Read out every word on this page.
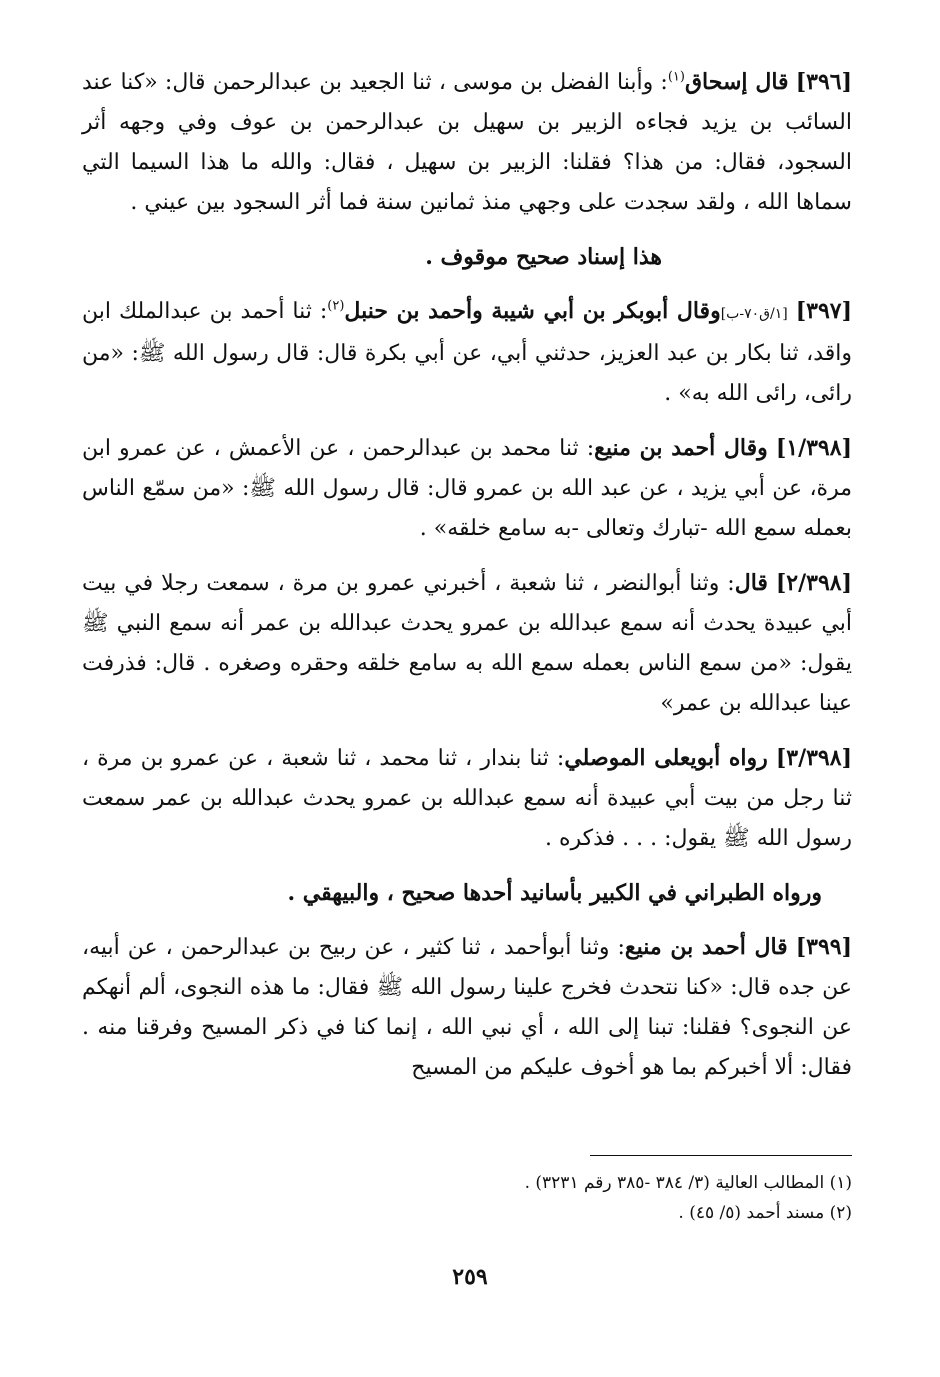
[٣٩٦] قال إسحاق$^{(١)}$: وأبنا الفضل بن موسى ، ثنا الجعيد بن عبدالرحمن قال: «كنا عند السائب بن يزيد فجاءه الزبير بن سهيل بن عبدالرحمن بن عوف وفي وجهه أثر السجود، فقال: من هذا؟ فقلنا: الزبير بن سهيل ، فقال: والله ما هذا السيما التي سماها الله ، ولقد سجدت على وجهي منذ ثمانين سنة فما أثر السجود بين عيني .

هذا إسناد صحيح موقوف .

[٣٩٧] [١/ق٧٠-ب]وقال أبوبكر بن أبي شيبة وأحمد بن حنبل$^{(٢)}$: ثنا أحمد بن عبدالملك ابن واقد، ثنا بكار بن عبد العزيز، حدثني أبي، عن أبي بكرة قال: قال رسول الله ﷺ: «من رائى، رائى الله به» .

[١/٣٩٨] وقال أحمد بن منيع: ثنا محمد بن عبدالرحمن ، عن الأعمش ، عن عمرو ابن مرة، عن أبي يزيد ، عن عبد الله بن عمرو قال: قال رسول الله ﷺ: «من سمّع الناس بعمله سمع الله -تبارك وتعالى -به سامع خلقه» .

[٢/٣٩٨] قال: وثنا أبوالنضر ، ثنا شعبة ، أخبرني عمرو بن مرة ، سمعت رجلا في بيت أبي عبيدة يحدث أنه سمع عبدالله بن عمرو يحدث عبدالله بن عمر أنه سمع النبي ﷺ يقول: «من سمع الناس بعمله سمع الله به سامع خلقه وحقره وصغره . قال: فذرفت عينا عبدالله بن عمر»

[٣/٣٩٨] رواه أبويعلى الموصلي: ثنا بندار ، ثنا محمد ، ثنا شعبة ، عن عمرو بن مرة ، ثنا رجل من بيت أبي عبيدة أنه سمع عبدالله بن عمرو يحدث عبدالله بن عمر سمعت رسول الله ﷺ يقول: . . . فذكره .

ورواه الطبراني في الكبير بأسانيد أحدها صحيح ، والبيهقي .

[٣٩٩] قال أحمد بن منيع: وثنا أبوأحمد ، ثنا كثير ، عن ربيح بن عبدالرحمن ، عن أبيه، عن جده قال: «كنا نتحدث فخرج علينا رسول الله ﷺ فقال: ما هذه النجوى، ألم أنهكم عن النجوى؟ فقلنا: تبنا إلى الله ، أي نبي الله ، إنما كنا في ذكر المسيح وفرقنا منه . فقال: ألا أخبركم بما هو أخوف عليكم من المسيح

(١) المطالب العالية (٣/ ٣٨٤ -٣٨٥ رقم ٣٢٣١) .
(٢) مسند أحمد (٥/ ٤٥) .
٢٥٩
